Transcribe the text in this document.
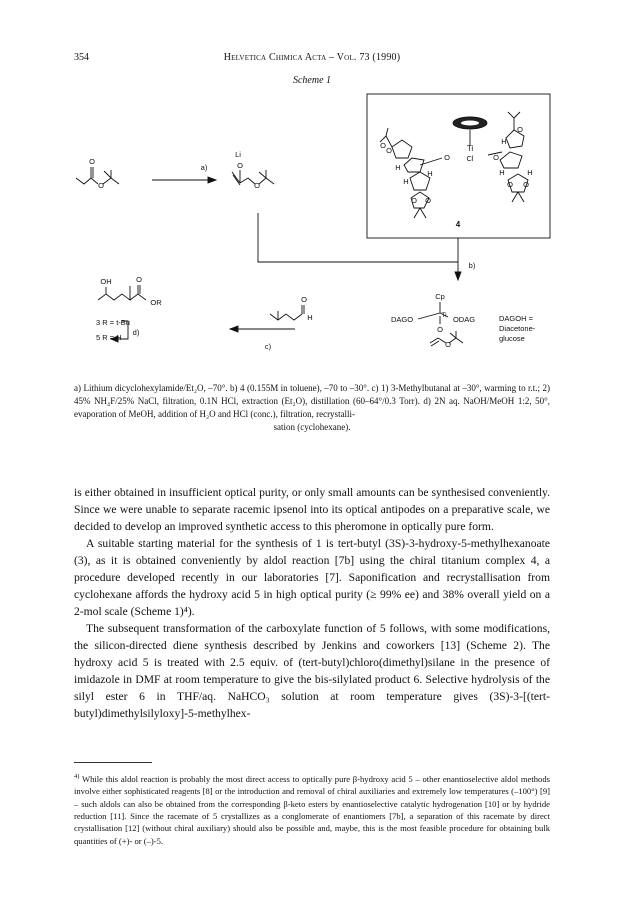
354	Helvetica Chimica Acta – Vol. 73 (1990)
Scheme 1
O
O
a)
Li
O
O
Ti
Cl
O	O
O
O
H
H
H
O O
H
O
H	H
O O
4
b)
OH	O
OR	O
H
c)
d)
Cp
Ti
DAGO	ODAG
O
O
3 R = t-Bu
5 R = H
DAGOH =
Diacetone-
glucose
a) Lithium dicyclohexylamide/Et₂O, –70°. b) 4 (0.155M in toluene), –70 to –30°. c) 1) 3-Methylbutanal at –30°, warming to r.t.; 2) 45% NH₄F/25% NaCl, filtration, 0.1N HCl, extraction (Et₂O), distillation (60–64°/0.3 Torr). d) 2N aq. NaOH/MeOH 1:2, 50°, evaporation of MeOH, addition of H₂O and HCl (conc.), filtration, recrystalli-
sation (cyclohexane).

is either obtained in insufficient optical purity, or only small amounts can be synthesised conveniently. Since we were unable to separate racemic ipsenol into its optical antipodes on a preparative scale, we decided to develop an improved synthetic access to this pheromone in optically pure form.

A suitable starting material for the synthesis of 1 is tert-butyl (3S)-3-hydroxy-5-methylhexanoate (3), as it is obtained conveniently by aldol reaction [7b] using the chiral titanium complex 4, a procedure developed recently in our laboratories [7]. Saponification and recrystallisation from cyclohexane affords the hydroxy acid 5 in high optical purity (≥ 99% ee) and 38% overall yield on a 2-mol scale (Scheme 1)⁴).

The subsequent transformation of the carboxylate function of 5 follows, with some modifications, the silicon-directed diene synthesis described by Jenkins and coworkers [13] (Scheme 2). The hydroxy acid 5 is treated with 2.5 equiv. of (tert-butyl)chloro(dimethyl)silane in the presence of imidazole in DMF at room temperature to give the bis-silylated product 6. Selective hydrolysis of the silyl ester 6 in THF/aq. NaHCO₃ solution at room temperature gives (3S)-3-[(tert-butyl)dimethylsilyloxy]-5-methylhex-

$^{4)}$ While this aldol reaction is probably the most direct access to optically pure β-hydroxy acid 5 – other enantioselective aldol methods involve either sophisticated reagents [8] or the introduction and removal of chiral auxiliaries and extremely low temperatures (–100°) [9] – such aldols can also be obtained from the corresponding β-keto esters by enantioselective catalytic hydrogenation [10] or by hydride reduction [11]. Since the racemate of 5 crystallizes as a conglomerate of enantiomers [7b], a separation of this racemate by direct crystallisation [12] (without chiral auxiliary) should also be possible and, maybe, this is the most feasible procedure for obtaining bulk quantities of (+)- or (–)-5.
